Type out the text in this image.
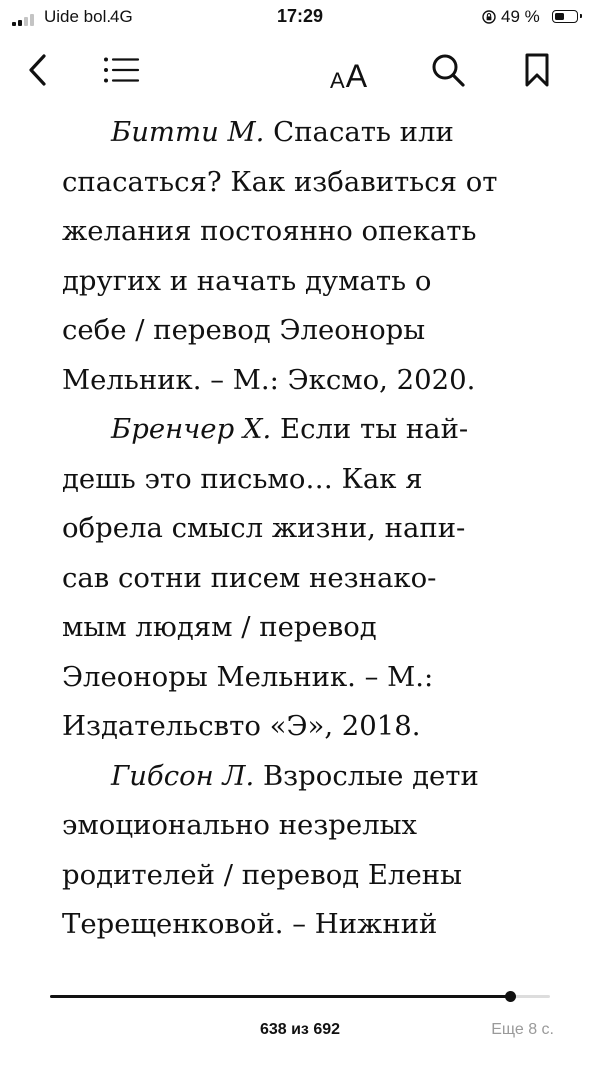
Uide bol.
4G	17:29	49 %
A A

Битти М. Спасать или
спасаться? Как избавиться от
желания постоянно опекать
других и начать думать о
себе / перевод Элеоноры
Мельник. – М.: Эксмо, 2020.

Бренчер Х. Если ты най-
дешь это письмо… Как я
обрела смысл жизни, напи-
сав сотни писем незнако-
мым людям / перевод
Элеоноры Мельник. – М.:
Издательсвто «Э», 2018.

Гибсон Л. Взрослые дети
эмоционально незрелых
родителей / перевод Елены
Терещенковой. – Нижний

638 из 692	Еще 8 с.
